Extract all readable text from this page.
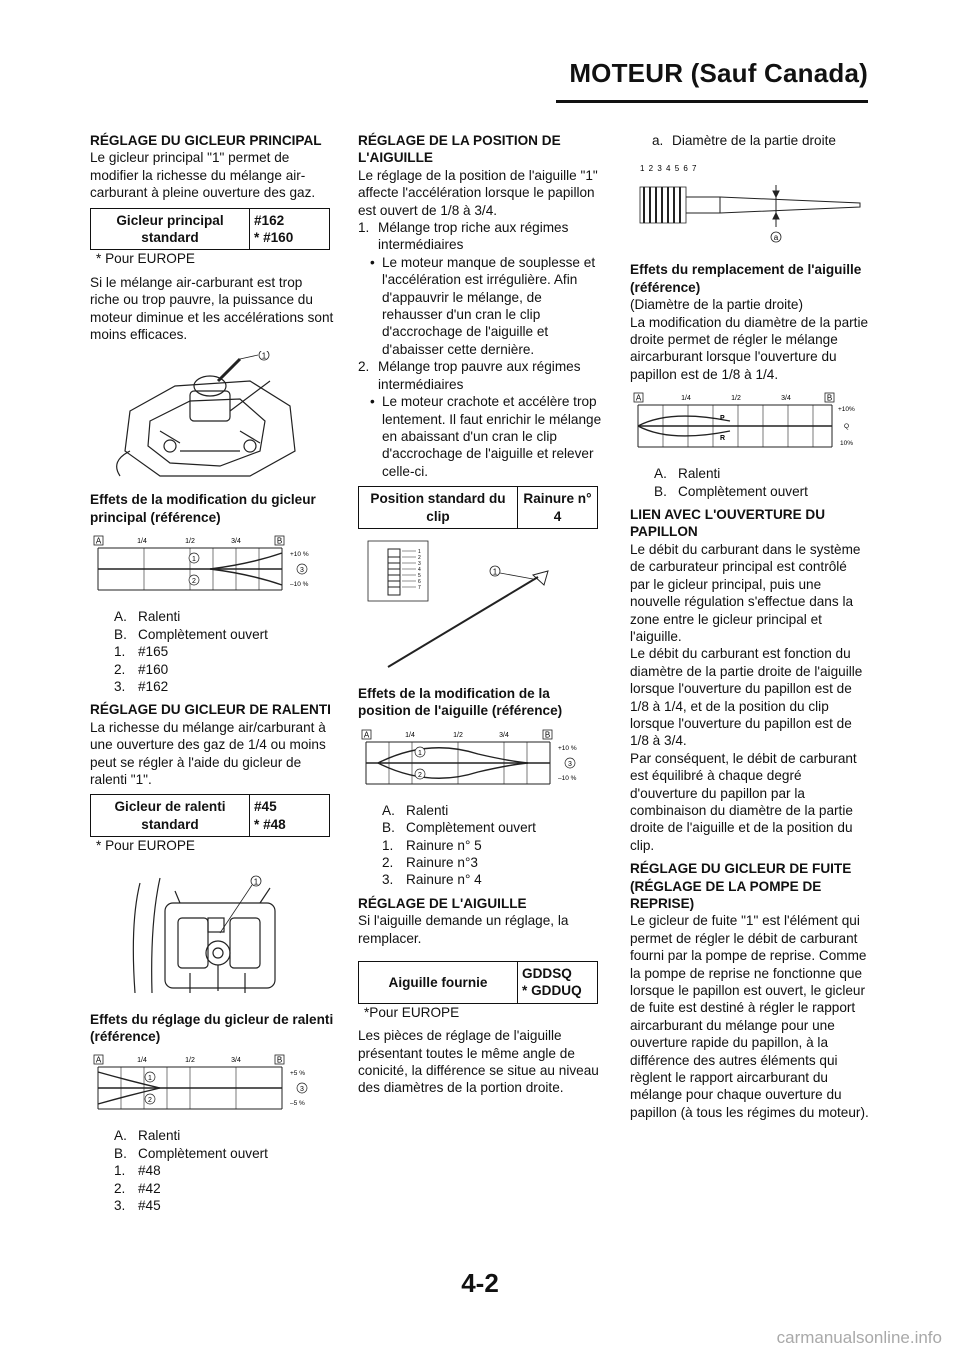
MOTEUR (Sauf Canada)

RÉGLAGE DU GICLEUR PRINCIPAL

Le gicleur principal "1" permet de modifier la richesse du mélange air-carburant à pleine ouverture des gaz.

Gicleur principal standard	#162
* #160

* Pour EUROPE

Si le mélange air-carburant est trop riche ou trop pauvre, la puissance du moteur diminue et les accélérations sont moins efficaces.

1

Effets de la modification du gicleur principal (référence)

A	B
1/4	1/2	3/4
1
2
3
+10 %
–10 %
A. Ralenti
B. Complètement ouvert
1. #165
2. #160
3. #162

RÉGLAGE DU GICLEUR DE RALENTI

La richesse du mélange air/carburant à une ouverture des gaz de 1/4 ou moins peut se régler à l'aide du gicleur de ralenti "1".

Gicleur de ralenti standard	#45
* #48

* Pour EUROPE

1

Effets du réglage du gicleur de ralenti (référence)

A	B
1/4	1/2	3/4
1
2
3
+5 %
–5 %
A. Ralenti
B. Complètement ouvert
1. #48
2. #42
3. #45

RÉGLAGE DE LA POSITION DE L'AIGUILLE

Le réglage de la position de l'aiguille "1" affecte l'accélération lorsque le papillon est ouvert de 1/8 à 3/4.

1. Mélange trop riche aux régimes intermédiaires
• Le moteur manque de souplesse et l'accélération est irrégulière. Afin d'appauvrir le mélange, de rehausser d'un cran le clip d'accrochage de l'aiguille et d'abaisser cette dernière.
2. Mélange trop pauvre aux régimes intermédiaires
• Le moteur crachote et accélère trop lentement. Il faut enrichir le mélange en abaissant d'un cran le clip d'accrochage de l'aiguille et relever celle-ci.
Position standard du clip	Rainure n° 4
1
2
3
4
5
6
7
1

Effets de la modification de la position de l'aiguille (référence)

A	B
1/4	1/2	3/4
1
2
3
+10 %
–10 %
A. Ralenti
B. Complètement ouvert
1. Rainure n° 5
2. Rainure n°3
3. Rainure n° 4

RÉGLAGE DE L'AIGUILLE

Si l'aiguille demande un réglage, la remplacer.

Aiguille fournie	GDDSQ
* GDDUQ

*Pour EUROPE

Les pièces de réglage de l'aiguille présentant toutes le même angle de conicité, la différence se situe au niveau des diamètres de la portion droite.

a. Diamètre de la partie droite
1 2 3 4 5 6 7
a

Effets du remplacement de l'aiguille (référence)

(Diamètre de la partie droite)

La modification du diamètre de la partie droite permet de régler le mélange aircarburant lorsque l'ouverture du papillon est de 1/8 à 1/4.

A	B
1/4	1/2	3/4
P
R
+10%
Q
10%
A. Ralenti
B. Complètement ouvert

LIEN AVEC L'OUVERTURE DU PAPILLON

Le débit du carburant dans le système de carburateur principal est contrôlé par le gicleur principal, puis une nouvelle régulation s'effectue dans la zone entre le gicleur principal et l'aiguille.

Le débit du carburant est fonction du diamètre de la partie droite de l'aiguille lorsque l'ouverture du papillon est de 1/8 à 1/4, et de la position du clip lorsque l'ouverture du papillon est de 1/8 à 3/4.

Par conséquent, le débit de carburant est équilibré à chaque degré d'ouverture du papillon par la combinaison du diamètre de la partie droite de l'aiguille et de la position du clip.

RÉGLAGE DU GICLEUR DE FUITE (RÉGLAGE DE LA POMPE DE REPRISE)

Le gicleur de fuite "1" est l'élément qui permet de régler le débit de carburant fourni par la pompe de reprise. Comme la pompe de reprise ne fonctionne que lorsque le papillon est ouvert, le gicleur de fuite est destiné à régler le rapport aircarburant du mélange pour une ouverture rapide du papillon, à la différence des autres éléments qui règlent le rapport aircarburant du mélange pour chaque ouverture du papillon (à tous les régimes du moteur).

4-2
carmanualsonline.info
